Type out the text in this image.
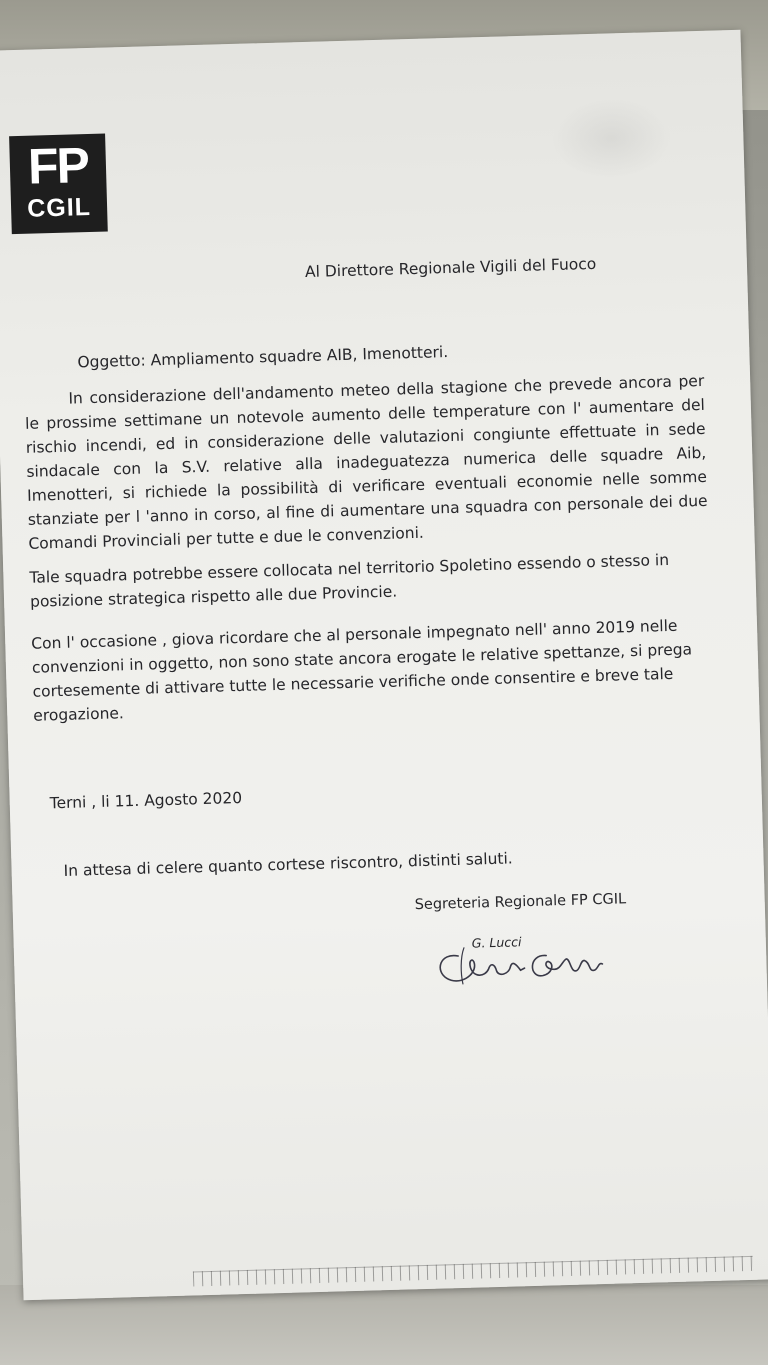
FP
CGIL
Al Direttore Regionale Vigili del Fuoco
Oggetto: Ampliamento squadre AIB, Imenotteri.
In considerazione dell'andamento meteo della stagione che prevede ancora per le prossime settimane un notevole aumento delle temperature con l' aumentare del rischio incendi, ed in considerazione delle valutazioni congiunte effettuate in sede sindacale con la S.V. relative alla inadeguatezza numerica delle squadre Aib, Imenotteri, si richiede la possibilità di verificare eventuali economie nelle somme stanziate per l 'anno in corso, al fine di aumentare una squadra con personale dei due Comandi Provinciali per tutte e due le convenzioni.
Tale squadra potrebbe essere collocata nel territorio Spoletino essendo o stesso in posizione strategica rispetto alle due Provincie.
Con l' occasione , giova ricordare che al personale impegnato nell' anno 2019 nelle convenzioni in oggetto, non sono state ancora erogate le relative spettanze, si prega cortesemente di attivare tutte le necessarie verifiche onde consentire e breve tale erogazione.
Terni , li 11. Agosto 2020
In attesa di celere quanto cortese riscontro, distinti saluti.
Segreteria Regionale FP CGIL
G. Lucci
